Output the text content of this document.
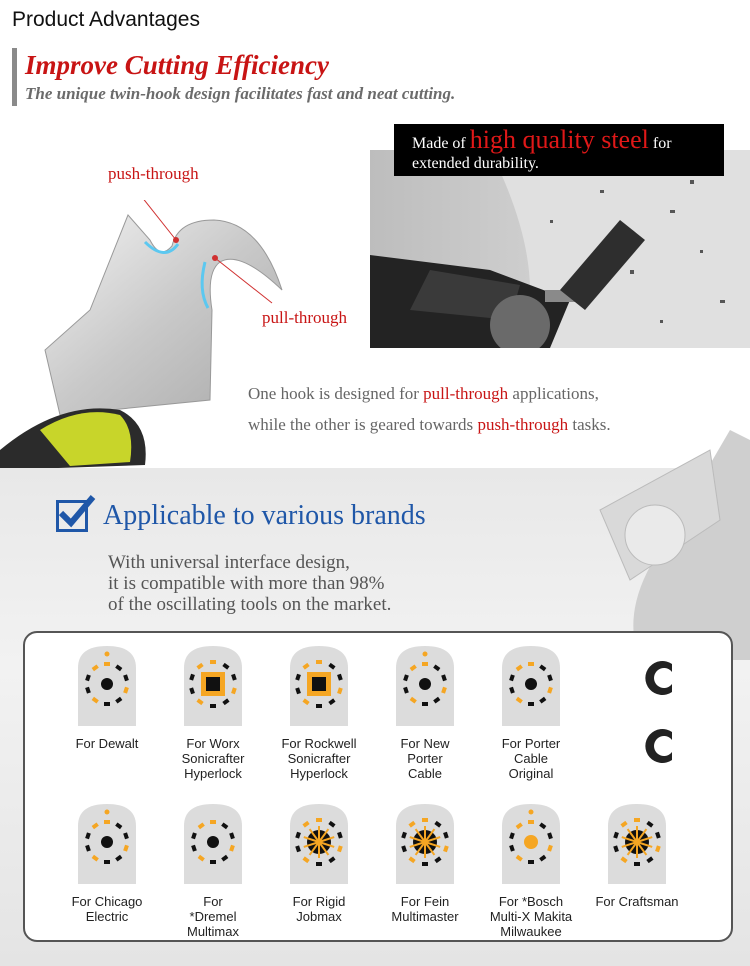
Product Advantages
Improve Cutting Efficiency
The unique twin-hook design facilitates fast and neat cutting.
push-through
pull-through
Made of high quality steel for
extended durability.
One hook is designed for pull-through applications,
while the other is geared towards push-through tasks.
Applicable to various brands
With universal interface design,
it is compatible with more than 98%
of the oscillating tools on the market.
For Dewalt	For Worx
Sonicrafter
Hyperlock
For Rockwell
Sonicrafter
Hyperlock
For New
Porter
Cable
For Porter
Cable
Original
For Chicago
Electric
For
*Dremel
Multimax
For Rigid
Jobmax
For Fein
Multimaster
For *Bosch
Multi-X Makita
Milwaukee
For Craftsman
